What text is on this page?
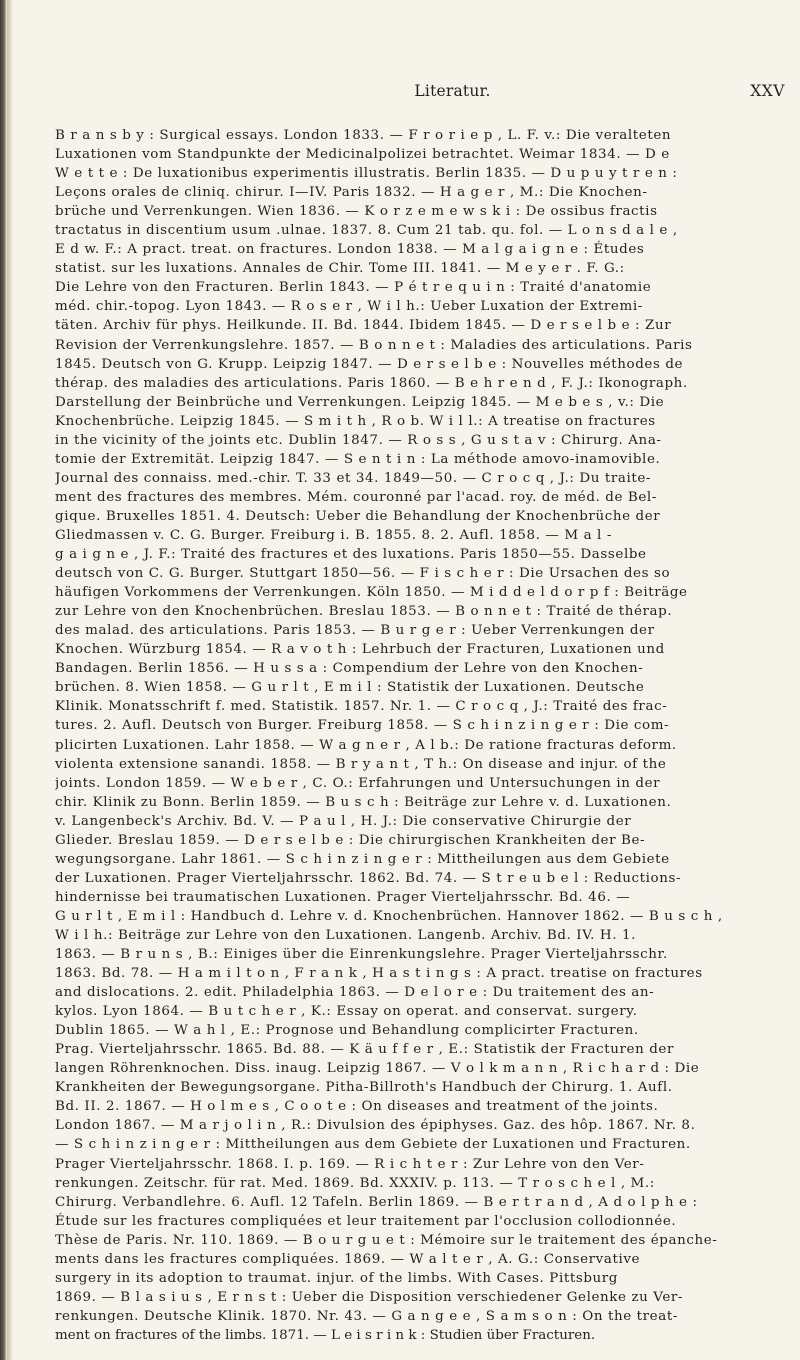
Literatur.	XXV
B r a n s b y : Surgical essays. London 1833. — F r o r i e p , L. F. v.: Die veralteten
Luxationen vom Standpunkte der Medicinalpolizei betrachtet. Weimar 1834. — D e
W e t t e : De luxationibus experimentis illustratis. Berlin 1835. — D u p u y t r e n :
Leçons orales de cliniq. chirur. I—IV. Paris 1832. — H a g e r , M.: Die Knochen-
brüche und Verrenkungen. Wien 1836. — K o r z e m e w s k i : De ossibus fractis
tractatus in discentium usum .ulnae. 1837. 8. Cum 21 tab. qu. fol. — L o n s d a l e ,
E d w. F.: A pract. treat. on fractures. London 1838. — M a l g a i g n e : Études
statist. sur les luxations. Annales de Chir. Tome III. 1841. — M e y e r . F. G.:
Die Lehre von den Fracturen. Berlin 1843. — P é t r e q u i n : Traité d'anatomie
méd. chir.-topog. Lyon 1843. — R o s e r , W i l h.: Ueber Luxation der Extremi-
täten. Archiv für phys. Heilkunde. II. Bd. 1844. Ibidem 1845. — D e r s e l b e : Zur
Revision der Verrenkungslehre. 1857. — B o n n e t : Maladies des articulations. Paris
1845. Deutsch von G. Krupp. Leipzig 1847. — D e r s e l b e : Nouvelles méthodes de
thérap. des maladies des articulations. Paris 1860. — B e h r e n d , F. J.: Ikonograph.
Darstellung der Beinbrüche und Verrenkungen. Leipzig 1845. — M e b e s , v.: Die
Knochenbrüche. Leipzig 1845. — S m i t h , R o b. W i l l.: A treatise on fractures
in the vicinity of the joints etc. Dublin 1847. — R o s s , G u s t a v : Chirurg. Ana-
tomie der Extremität. Leipzig 1847. — S e n t i n : La méthode amovo-inamovible.
Journal des connaiss. med.-chir. T. 33 et 34. 1849—50. — C r o c q , J.: Du traite-
ment des fractures des membres. Mém. couronné par l'acad. roy. de méd. de Bel-
gique. Bruxelles 1851. 4. Deutsch: Ueber die Behandlung der Knochenbrüche der
Gliedmassen v. C. G. Burger. Freiburg i. B. 1855. 8. 2. Aufl. 1858. — M a l -
g a i g n e , J. F.: Traité des fractures et des luxations. Paris 1850—55. Dasselbe
deutsch von C. G. Burger. Stuttgart 1850—56. — F i s c h e r : Die Ursachen des so
häufigen Vorkommens der Verrenkungen. Köln 1850. — M i d d e l d o r p f : Beiträge
zur Lehre von den Knochenbrüchen. Breslau 1853. — B o n n e t : Traité de thérap.
des malad. des articulations. Paris 1853. — B u r g e r : Ueber Verrenkungen der
Knochen. Würzburg 1854. — R a v o t h : Lehrbuch der Fracturen, Luxationen und
Bandagen. Berlin 1856. — H u s s a : Compendium der Lehre von den Knochen-
brüchen. 8. Wien 1858. — G u r l t , E m i l : Statistik der Luxationen. Deutsche
Klinik. Monatsschrift f. med. Statistik. 1857. Nr. 1. — C r o c q , J.: Traité des frac-
tures. 2. Aufl. Deutsch von Burger. Freiburg 1858. — S c h i n z i n g e r : Die com-
plicirten Luxationen. Lahr 1858. — W a g n e r , A l b.: De ratione fracturas deform.
violenta extensione sanandi. 1858. — B r y a n t , T h.: On disease and injur. of the
joints. London 1859. — W e b e r , C. O.: Erfahrungen und Untersuchungen in der
chir. Klinik zu Bonn. Berlin 1859. — B u s c h : Beiträge zur Lehre v. d. Luxationen.
v. Langenbeck's Archiv. Bd. V. — P a u l , H. J.: Die conservative Chirurgie der
Glieder. Breslau 1859. — D e r s e l b e : Die chirurgischen Krankheiten der Be-
wegungsorgane. Lahr 1861. — S c h i n z i n g e r : Mittheilungen aus dem Gebiete
der Luxationen. Prager Vierteljahrsschr. 1862. Bd. 74. — S t r e u b e l : Reductions-
hindernisse bei traumatischen Luxationen. Prager Vierteljahrsschr. Bd. 46. —
G u r l t , E m i l : Handbuch d. Lehre v. d. Knochenbrüchen. Hannover 1862. — B u s c h ,
W i l h.: Beiträge zur Lehre von den Luxationen. Langenb. Archiv. Bd. IV. H. 1.
1863. — B r u n s , B.: Einiges über die Einrenkungslehre. Prager Vierteljahrsschr.
1863. Bd. 78. — H a m i l t o n , F r a n k , H a s t i n g s : A pract. treatise on fractures
and dislocations. 2. edit. Philadelphia 1863. — D e l o r e : Du traitement des an-
kylos. Lyon 1864. — B u t c h e r , K.: Essay on operat. and conservat. surgery.
Dublin 1865. — W a h l , E.: Prognose und Behandlung complicirter Fracturen.
Prag. Vierteljahrsschr. 1865. Bd. 88. — K ä u f f e r , E.: Statistik der Fracturen der
langen Röhrenknochen. Diss. inaug. Leipzig 1867. — V o l k m a n n , R i c h a r d : Die
Krankheiten der Bewegungsorgane. Pitha-Billroth's Handbuch der Chirurg. 1. Aufl.
Bd. II. 2. 1867. — H o l m e s , C o o t e : On diseases and treatment of the joints.
London 1867. — M a r j o l i n , R.: Divulsion des épiphyses. Gaz. des hôp. 1867. Nr. 8.
— S c h i n z i n g e r : Mittheilungen aus dem Gebiete der Luxationen und Fracturen.
Prager Vierteljahrsschr. 1868. I. p. 169. — R i c h t e r : Zur Lehre von den Ver-
renkungen. Zeitschr. für rat. Med. 1869. Bd. XXXIV. p. 113. — T r o s c h e l , M.:
Chirurg. Verbandlehre. 6. Aufl. 12 Tafeln. Berlin 1869. — B e r t r a n d , A d o l p h e :
Étude sur les fractures compliquées et leur traitement par l'occlusion collodionnée.
Thèse de Paris. Nr. 110. 1869. — B o u r g u e t : Mémoire sur le traitement des épanche-
ments dans les fractures compliquées. 1869. — W a l t e r , A. G.: Conservative
surgery in its adoption to traumat. injur. of the limbs. With Cases. Pittsburg
1869. — B l a s i u s , E r n s t : Ueber die Disposition verschiedener Gelenke zu Ver-
renkungen. Deutsche Klinik. 1870. Nr. 43. — G a n g e e , S a m s o n : On the treat-
ment on fractures of the limbs. 1871. — L e i s r i n k : Studien über Fracturen.
